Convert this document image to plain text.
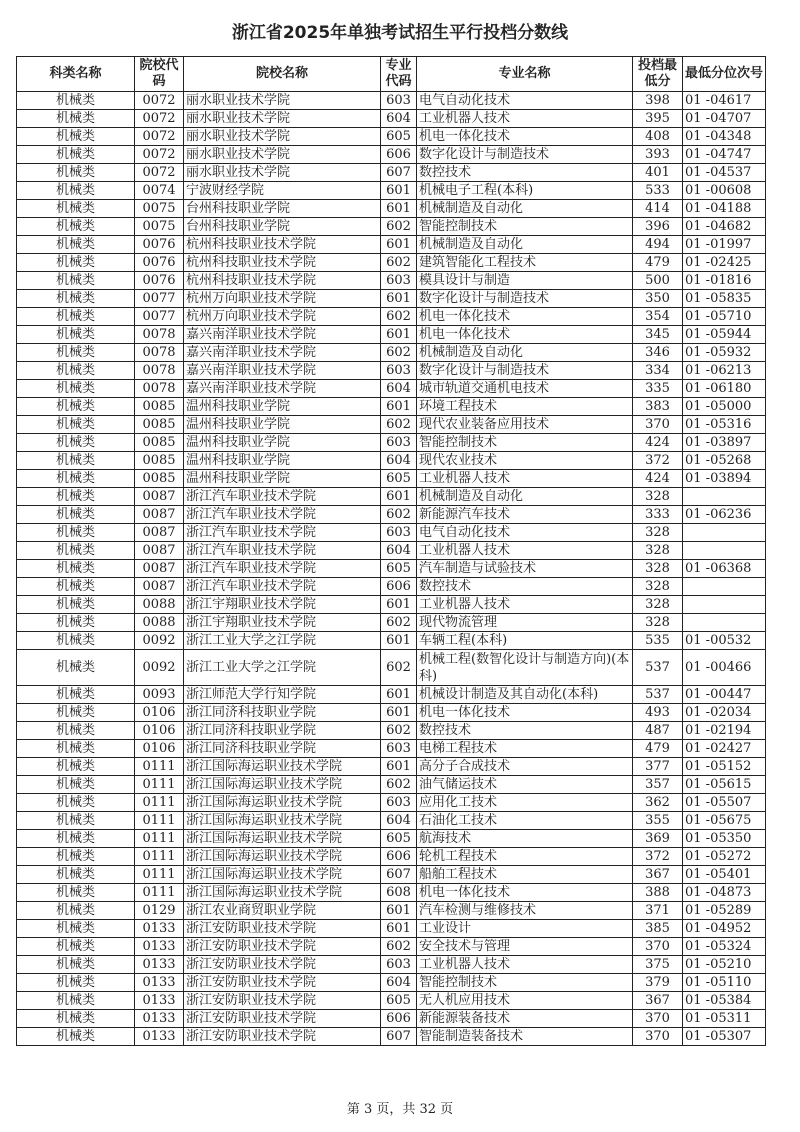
浙江省2025年单独考试招生平行投档分数线
科类名称	院校代码	院校名称	专业代码	专业名称	投档最低分	最低分位次号
机械类	0072	丽水职业技术学院	603	电气自动化技术	398	01 -04617
机械类	0072	丽水职业技术学院	604	工业机器人技术	395	01 -04707
机械类	0072	丽水职业技术学院	605	机电一体化技术	408	01 -04348
机械类	0072	丽水职业技术学院	606	数字化设计与制造技术	393	01 -04747
机械类	0072	丽水职业技术学院	607	数控技术	401	01 -04537
机械类	0074	宁波财经学院	601	机械电子工程(本科)	533	01 -00608
机械类	0075	台州科技职业学院	601	机械制造及自动化	414	01 -04188
机械类	0075	台州科技职业学院	602	智能控制技术	396	01 -04682
机械类	0076	杭州科技职业技术学院	601	机械制造及自动化	494	01 -01997
机械类	0076	杭州科技职业技术学院	602	建筑智能化工程技术	479	01 -02425
机械类	0076	杭州科技职业技术学院	603	模具设计与制造	500	01 -01816
机械类	0077	杭州万向职业技术学院	601	数字化设计与制造技术	350	01 -05835
机械类	0077	杭州万向职业技术学院	602	机电一体化技术	354	01 -05710
机械类	0078	嘉兴南洋职业技术学院	601	机电一体化技术	345	01 -05944
机械类	0078	嘉兴南洋职业技术学院	602	机械制造及自动化	346	01 -05932
机械类	0078	嘉兴南洋职业技术学院	603	数字化设计与制造技术	334	01 -06213
机械类	0078	嘉兴南洋职业技术学院	604	城市轨道交通机电技术	335	01 -06180
机械类	0085	温州科技职业学院	601	环境工程技术	383	01 -05000
机械类	0085	温州科技职业学院	602	现代农业装备应用技术	370	01 -05316
机械类	0085	温州科技职业学院	603	智能控制技术	424	01 -03897
机械类	0085	温州科技职业学院	604	现代农业技术	372	01 -05268
机械类	0085	温州科技职业学院	605	工业机器人技术	424	01 -03894
机械类	0087	浙江汽车职业技术学院	601	机械制造及自动化	328	
机械类	0087	浙江汽车职业技术学院	602	新能源汽车技术	333	01 -06236
机械类	0087	浙江汽车职业技术学院	603	电气自动化技术	328	
机械类	0087	浙江汽车职业技术学院	604	工业机器人技术	328	
机械类	0087	浙江汽车职业技术学院	605	汽车制造与试验技术	328	01 -06368
机械类	0087	浙江汽车职业技术学院	606	数控技术	328	
机械类	0088	浙江宇翔职业技术学院	601	工业机器人技术	328	
机械类	0088	浙江宇翔职业技术学院	602	现代物流管理	328	
机械类	0092	浙江工业大学之江学院	601	车辆工程(本科)	535	01 -00532
机械类	0092	浙江工业大学之江学院	602	机械工程(数智化设计与制造方向)(本科)	537	01 -00466
机械类	0093	浙江师范大学行知学院	601	机械设计制造及其自动化(本科)	537	01 -00447
机械类	0106	浙江同济科技职业学院	601	机电一体化技术	493	01 -02034
机械类	0106	浙江同济科技职业学院	602	数控技术	487	01 -02194
机械类	0106	浙江同济科技职业学院	603	电梯工程技术	479	01 -02427
机械类	0111	浙江国际海运职业技术学院	601	高分子合成技术	377	01 -05152
机械类	0111	浙江国际海运职业技术学院	602	油气储运技术	357	01 -05615
机械类	0111	浙江国际海运职业技术学院	603	应用化工技术	362	01 -05507
机械类	0111	浙江国际海运职业技术学院	604	石油化工技术	355	01 -05675
机械类	0111	浙江国际海运职业技术学院	605	航海技术	369	01 -05350
机械类	0111	浙江国际海运职业技术学院	606	轮机工程技术	372	01 -05272
机械类	0111	浙江国际海运职业技术学院	607	船舶工程技术	367	01 -05401
机械类	0111	浙江国际海运职业技术学院	608	机电一体化技术	388	01 -04873
机械类	0129	浙江农业商贸职业学院	601	汽车检测与维修技术	371	01 -05289
机械类	0133	浙江安防职业技术学院	601	工业设计	385	01 -04952
机械类	0133	浙江安防职业技术学院	602	安全技术与管理	370	01 -05324
机械类	0133	浙江安防职业技术学院	603	工业机器人技术	375	01 -05210
机械类	0133	浙江安防职业技术学院	604	智能控制技术	379	01 -05110
机械类	0133	浙江安防职业技术学院	605	无人机应用技术	367	01 -05384
机械类	0133	浙江安防职业技术学院	606	新能源装备技术	370	01 -05311
机械类	0133	浙江安防职业技术学院	607	智能制造装备技术	370	01 -05307
第 3 页，共 32 页
